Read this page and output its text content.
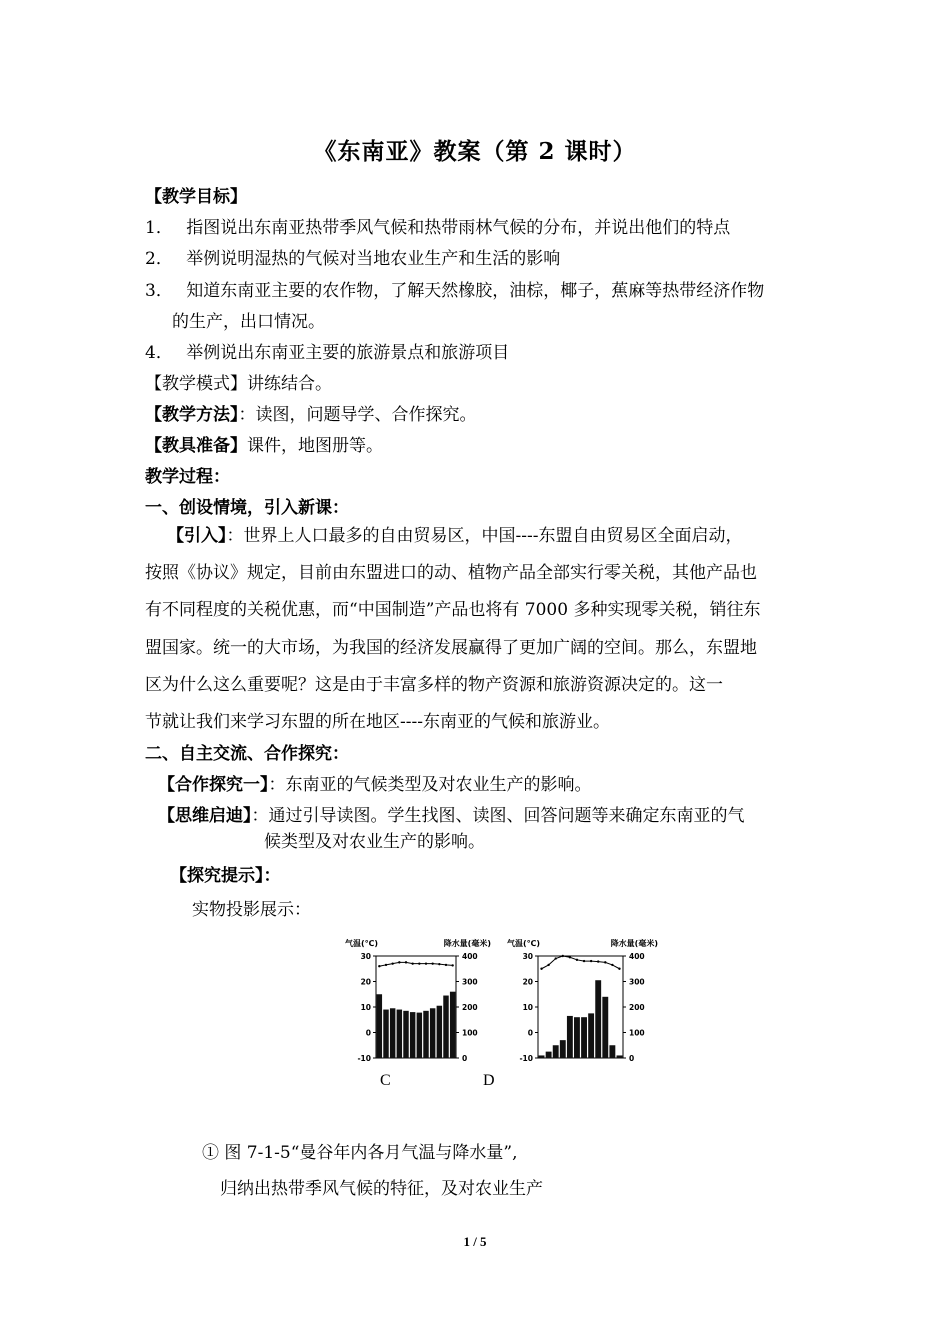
《东南亚》教案（第 2 课时）
【教学目标】
1． 指图说出东南亚热带季风气候和热带雨林气候的分布，并说出他们的特点
2． 举例说明湿热的气候对当地农业生产和生活的影响
3． 知道东南亚主要的农作物，了解天然橡胶，油棕，椰子，蕉麻等热带经济作物
的生产，出口情况。
4． 举例说出东南亚主要的旅游景点和旅游项目
【教学模式】讲练结合。
【教学方法】：读图，问题导学、合作探究。
【教具准备】课件，地图册等。
教学过程：
一、创设情境，引入新课：
【引入】：世界上人口最多的自由贸易区，中国----东盟自由贸易区全面启动，
按照《协议》规定，目前由东盟进口的动、植物产品全部实行零关税，其他产品也
有不同程度的关税优惠，而“中国制造”产品也将有 7000 多种实现零关税，销往东
盟国家。统一的大市场，为我国的经济发展赢得了更加广阔的空间。那么，东盟地
区为什么这么重要呢？这是由于丰富多样的物产资源和旅游资源决定的。这一
节就让我们来学习东盟的所在地区----东南亚的气候和旅游业。
二、自主交流、合作探究：
【合作探究一】：东南亚的气候类型及对农业生产的影响。
【思维启迪】：通过引导读图。学生找图、读图、回答问题等来确定东南亚的气
候类型及对农业生产的影响。
【探究提示】：
实物投影展示：
气温(℃)	降水量(毫米)
30
20
10
0
-10
400
300
200
100
0
C
气温(℃)	降水量(毫米)
30
20
10
0
-10
400
300
200
100
0
D
① 图 7-1-5“曼谷年内各月气温与降水量”,
归纳出热带季风气候的特征，及对农业生产
1 / 5
